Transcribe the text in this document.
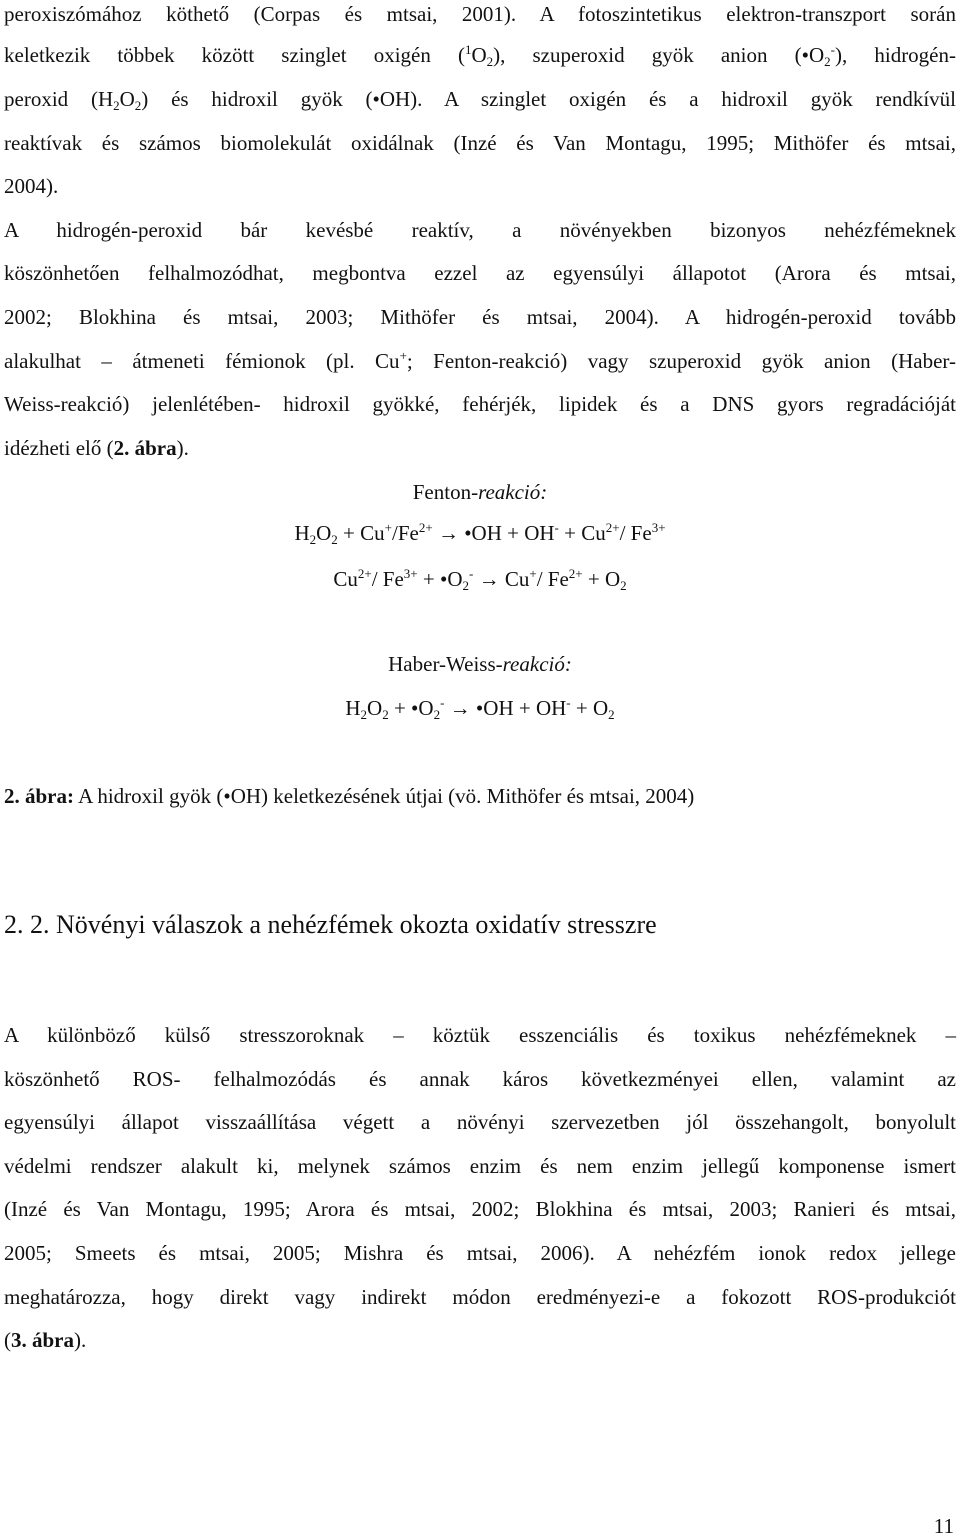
peroxiszómához köthető (Corpas és mtsai, 2001). A fotoszintetikus elektron-transzport során
keletkezik többek között szinglet oxigén $(^1O_2)$, szuperoxid gyök anion $(•O_2^-)$, hidrogén-
peroxid $(H_2O_2)$ és hidroxil gyök (•OH). A szinglet oxigén és a hidroxil gyök rendkívül
reaktívak és számos biomolekulát oxidálnak (Inzé és Van Montagu, 1995; Mithöfer és mtsai,
2004).
A hidrogén-peroxid bár kevésbé reaktív, a növényekben bizonyos nehézfémeknek
köszönhetően felhalmozódhat, megbontva ezzel az egyensúlyi állapotot (Arora és mtsai,
2002; Blokhina és mtsai, 2003; Mithöfer és mtsai, 2004). A hidrogén-peroxid tovább
alakulhat – átmeneti fémionok (pl. Cu+; Fenton-reakció) vagy szuperoxid gyök anion (Haber-
Weiss-reakció) jelenlétében- hidroxil gyökké, fehérjék, lipidek és a DNS gyors regradációját
idézheti elő (2. ábra).
Fenton-reakció:
$H_2O_2 + Cu^+/Fe^{2+}$ → •OH + $OH^- + Cu^{2+}/$ $Fe^{3+}$
$Cu^{2+}/$ $Fe^{3+}$ + $•O_2^- \to Cu^+/$ $Fe^{2+} + O_2$
Haber-Weiss-reakció:
$H_2O_2$ + $•O_2^-$ → •OH + $OH^- + O_2$
2. ábra: A hidroxil gyök (•OH) keletkezésének útjai (vö. Mithöfer és mtsai, 2004)
2. 2. Növényi válaszok a nehézfémek okozta oxidatív stresszre
A különböző külső stresszoroknak – köztük esszenciális és toxikus nehézfémeknek –
köszönhető ROS- felhalmozódás és annak káros következményei ellen, valamint az
egyensúlyi állapot visszaállítása végett a növényi szervezetben jól összehangolt, bonyolult
védelmi rendszer alakult ki, melynek számos enzim és nem enzim jellegű komponense ismert
(Inzé és Van Montagu, 1995; Arora és mtsai, 2002; Blokhina és mtsai, 2003; Ranieri és mtsai,
2005; Smeets és mtsai, 2005; Mishra és mtsai, 2006). A nehézfém ionok redox jellege
meghatározza, hogy direkt vagy indirekt módon eredményezi-e a fokozott ROS-produkciót
(3. ábra).
11
